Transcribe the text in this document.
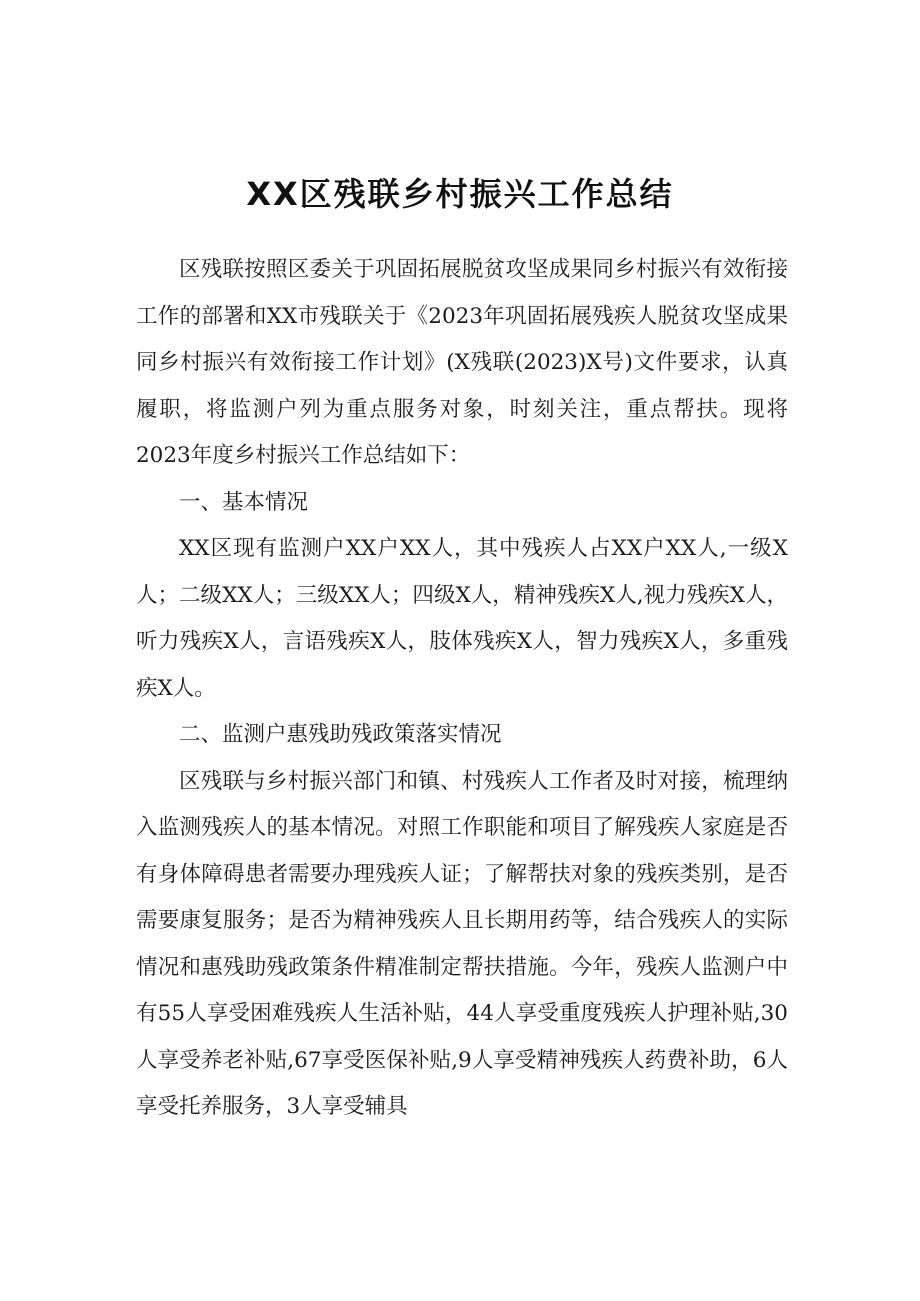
XX区残联乡村振兴工作总结

区残联按照区委关于巩固拓展脱贫攻坚成果同乡村振兴有效衔接工作的部署和XX市残联关于《2023年巩固拓展残疾人脱贫攻坚成果同乡村振兴有效衔接工作计划》(X残联(2023)X号)文件要求，认真履职，将监测户列为重点服务对象，时刻关注，重点帮扶。现将2023年度乡村振兴工作总结如下：

一、基本情况

XX区现有监测户XX户XX人，其中残疾人占XX户XX人,一级X人；二级XX人；三级XX人；四级X人，精神残疾X人,视力残疾X人，听力残疾X人，言语残疾X人，肢体残疾X人，智力残疾X人，多重残疾X人。

二、监测户惠残助残政策落实情况

区残联与乡村振兴部门和镇、村残疾人工作者及时对接，梳理纳入监测残疾人的基本情况。对照工作职能和项目了解残疾人家庭是否有身体障碍患者需要办理残疾人证；了解帮扶对象的残疾类别，是否需要康复服务；是否为精神残疾人且长期用药等，结合残疾人的实际情况和惠残助残政策条件精准制定帮扶措施。今年，残疾人监测户中有55人享受困难残疾人生活补贴，44人享受重度残疾人护理补贴,30人享受养老补贴,67享受医保补贴,9人享受精神残疾人药费补助，6人享受托养服务，3人享受辅具
